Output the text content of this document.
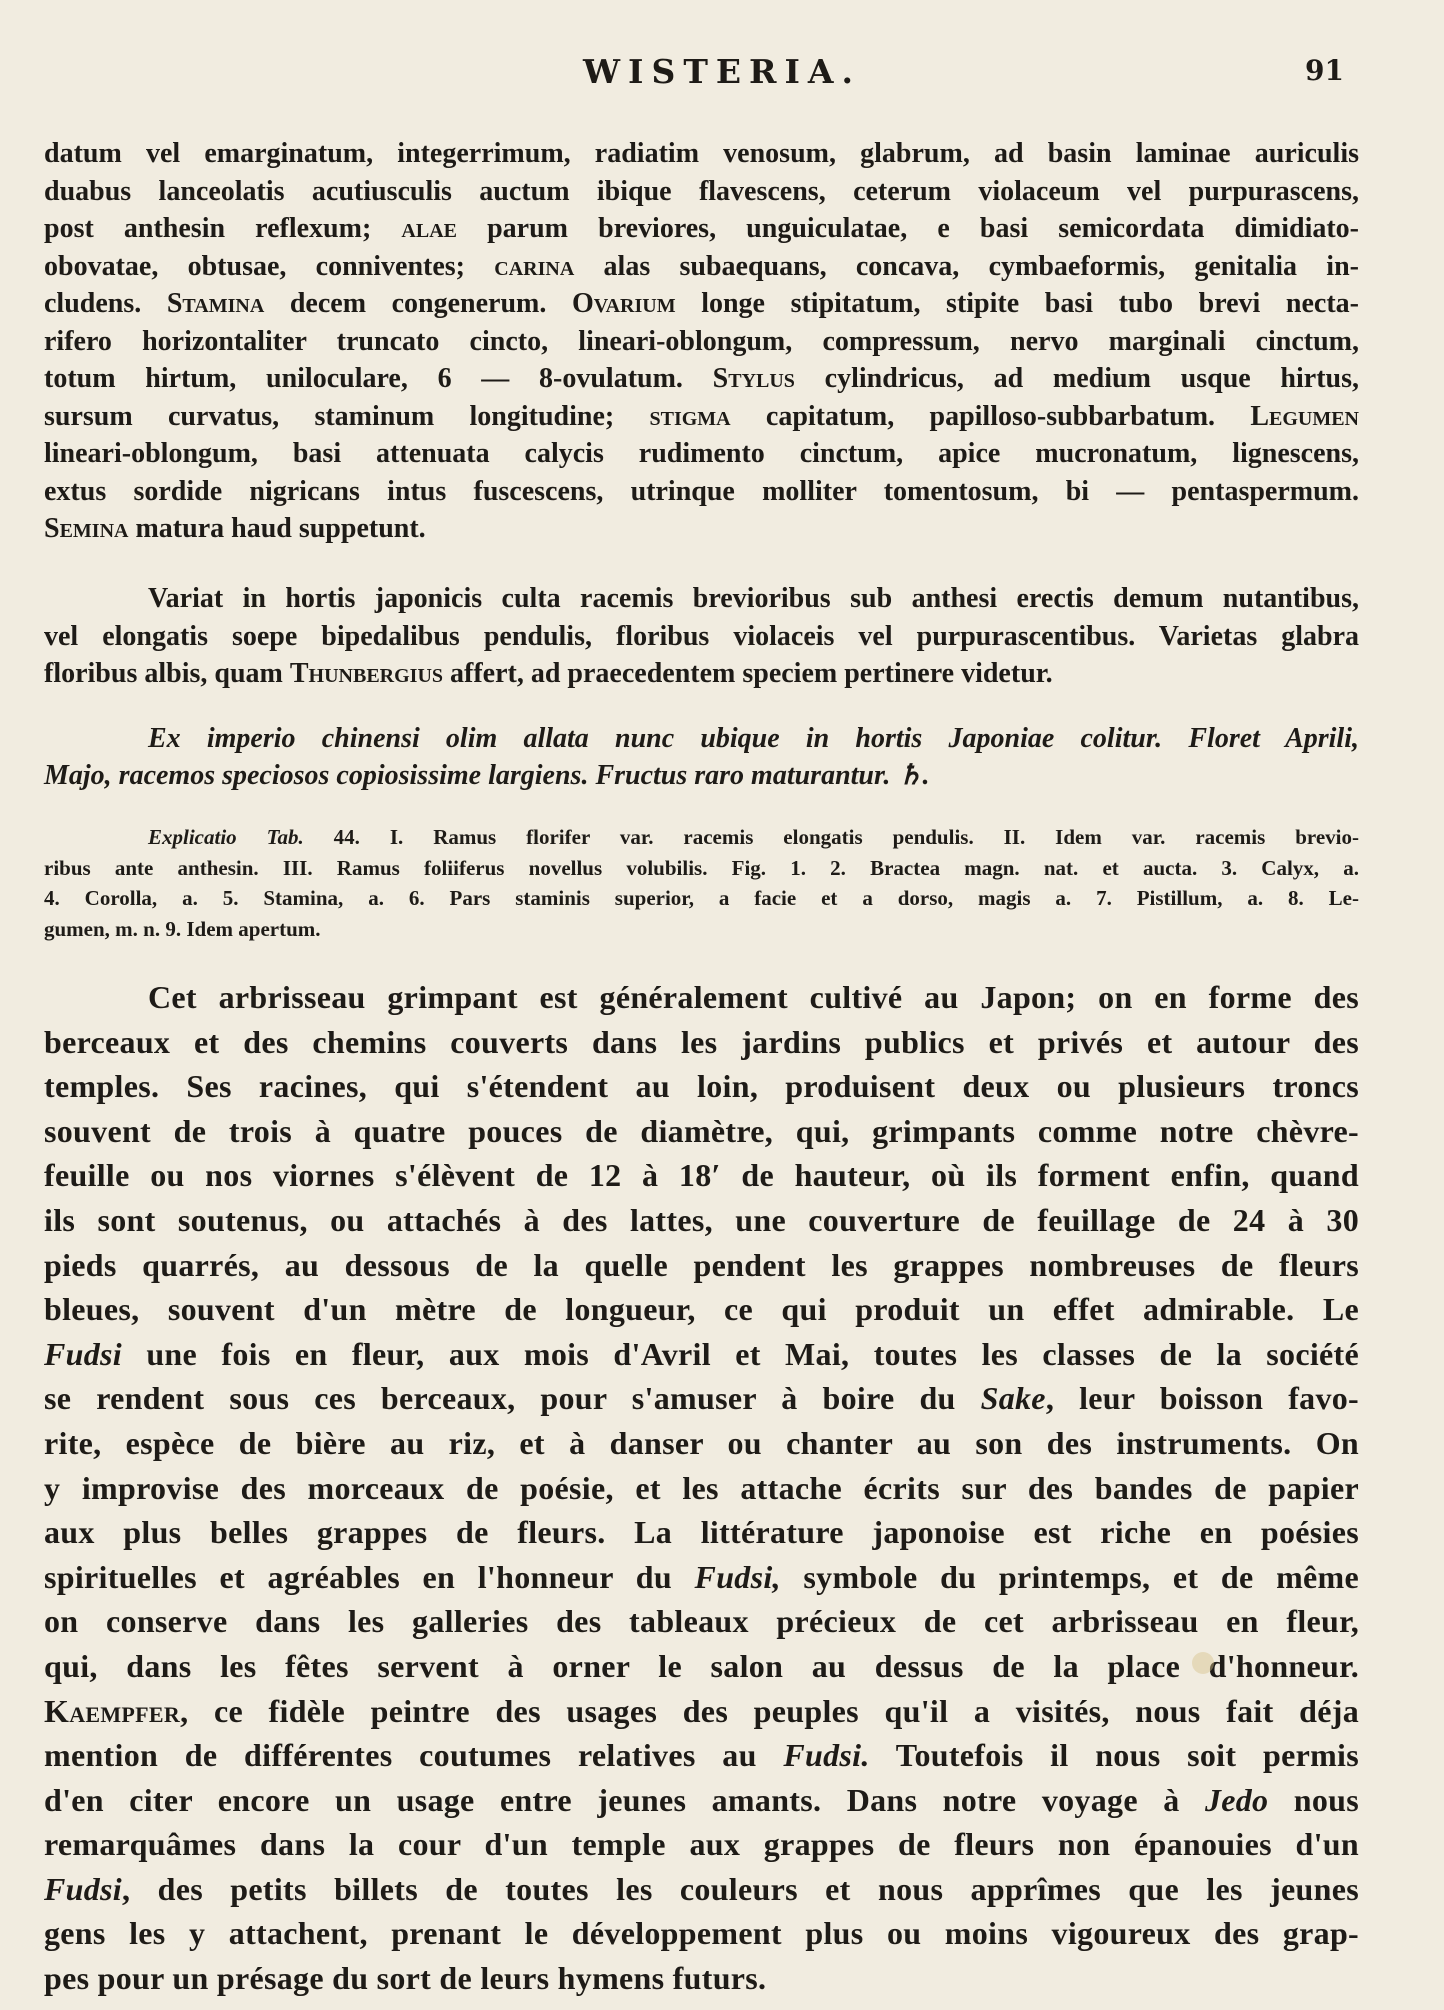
WISTERIA.	91
datum vel emarginatum, integerrimum, radiatim venosum, glabrum, ad basin laminae auriculis
duabus lanceolatis acutiusculis auctum ibique flavescens, ceterum violaceum vel purpurascens,
post anthesin reflexum; alae parum breviores, unguiculatae, e basi semicordata dimidiato-
obovatae, obtusae, conniventes; carina alas subaequans, concava, cymbaeformis, genitalia in-
cludens. Stamina decem congenerum. Ovarium longe stipitatum, stipite basi tubo brevi necta-
rifero horizontaliter truncato cincto, lineari-oblongum, compressum, nervo marginali cinctum,
totum hirtum, uniloculare, 6 — 8-ovulatum. Stylus cylindricus, ad medium usque hirtus,
sursum curvatus, staminum longitudine; stigma capitatum, papilloso-subbarbatum. Legumen
lineari-oblongum, basi attenuata calycis rudimento cinctum, apice mucronatum, lignescens,
extus sordide nigricans intus fuscescens, utrinque molliter tomentosum, bi — pentaspermum.
Semina matura haud suppetunt.
Variat in hortis japonicis culta racemis brevioribus sub anthesi erectis demum nutantibus,
vel elongatis soepe bipedalibus pendulis, floribus violaceis vel purpurascentibus. Varietas glabra
floribus albis, quam Thunbergius affert, ad praecedentem speciem pertinere videtur.
Ex imperio chinensi olim allata nunc ubique in hortis Japoniae colitur. Floret Aprili,
Majo, racemos speciosos copiosissime largiens. Fructus raro maturantur. ♄.
Explicatio Tab. 44. I. Ramus florifer var. racemis elongatis pendulis. II. Idem var. racemis brevio-
ribus ante anthesin. III. Ramus foliiferus novellus volubilis. Fig. 1. 2. Bractea magn. nat. et aucta. 3. Calyx, a.
4. Corolla, a. 5. Stamina, a. 6. Pars staminis superior, a facie et a dorso, magis a. 7. Pistillum, a. 8. Le-
gumen, m. n. 9. Idem apertum.
Cet arbrisseau grimpant est généralement cultivé au Japon; on en forme des
berceaux et des chemins couverts dans les jardins publics et privés et autour des
temples. Ses racines, qui s'étendent au loin, produisent deux ou plusieurs troncs
souvent de trois à quatre pouces de diamètre, qui, grimpants comme notre chèvre-
feuille ou nos viornes s'élèvent de 12 à 18′ de hauteur, où ils forment enfin, quand
ils sont soutenus, ou attachés à des lattes, une couverture de feuillage de 24 à 30
pieds quarrés, au dessous de la quelle pendent les grappes nombreuses de fleurs
bleues, souvent d'un mètre de longueur, ce qui produit un effet admirable. Le
Fudsi une fois en fleur, aux mois d'Avril et Mai, toutes les classes de la société
se rendent sous ces berceaux, pour s'amuser à boire du Sake, leur boisson favo-
rite, espèce de bière au riz, et à danser ou chanter au son des instruments. On
y improvise des morceaux de poésie, et les attache écrits sur des bandes de papier
aux plus belles grappes de fleurs. La littérature japonoise est riche en poésies
spirituelles et agréables en l'honneur du Fudsi, symbole du printemps, et de même
on conserve dans les galleries des tableaux précieux de cet arbrisseau en fleur,
qui, dans les fêtes servent à orner le salon au dessus de la place d'honneur.
Kaempfer, ce fidèle peintre des usages des peuples qu'il a visités, nous fait déja
mention de différentes coutumes relatives au Fudsi. Toutefois il nous soit permis
d'en citer encore un usage entre jeunes amants. Dans notre voyage à Jedo nous
remarquâmes dans la cour d'un temple aux grappes de fleurs non épanouies d'un
Fudsi, des petits billets de toutes les couleurs et nous apprîmes que les jeunes
gens les y attachent, prenant le développement plus ou moins vigoureux des grap-
pes pour un présage du sort de leurs hymens futurs.
